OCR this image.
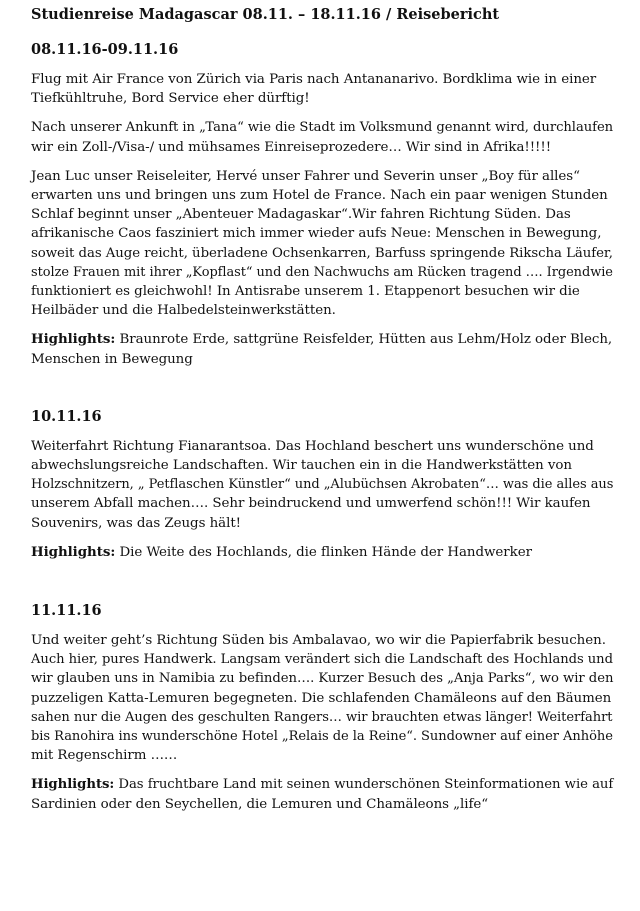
Studienreise Madagascar 08.11. – 18.11.16 / Reisebericht
08.11.16-09.11.16
Flug mit Air France von Zürich via Paris nach Antananarivo. Bordklima wie in einer
Tiefkühltruhe, Bord Service eher dürftig!
Nach unserer Ankunft in „Tana“ wie die Stadt im Volksmund genannt wird, durchlaufen
wir ein Zoll-/Visa-/ und mühsames Einreiseprozedere… Wir sind in Afrika!!!!!
Jean Luc unser Reiseleiter, Hervé unser Fahrer und Severin unser „Boy für alles“
erwarten uns und bringen uns zum Hotel de France. Nach ein paar wenigen Stunden
Schlaf beginnt unser „Abenteuer Madagaskar“.Wir fahren Richtung Süden. Das
afrikanische Caos fasziniert mich immer wieder aufs Neue: Menschen in Bewegung,
soweit das Auge reicht, überladene Ochsenkarren, Barfuss springende Rikscha Läufer,
stolze Frauen mit ihrer „Kopflast“ und den Nachwuchs am Rücken tragend …. Irgendwie
funktioniert es gleichwohl! In Antisrabe unserem 1. Etappenort besuchen wir die
Heilbäder und die Halbedelsteinwerkstätten.
Highlights: Braunrote Erde, sattgrüne Reisfelder, Hütten aus Lehm/Holz oder Blech,
Menschen in Bewegung
10.11.16
Weiterfahrt Richtung Fianarantsoa. Das Hochland beschert uns wunderschöne und
abwechslungsreiche Landschaften. Wir tauchen ein in die Handwerkstätten von
Holzschnitzern, „ Petflaschen Künstler“ und „Alubüchsen Akrobaten“… was die alles aus
unserem Abfall machen…. Sehr beindruckend und umwerfend schön!!! Wir kaufen
Souvenirs, was das Zeugs hält!
Highlights: Die Weite des Hochlands, die flinken Hände der Handwerker
11.11.16
Und weiter geht’s Richtung Süden bis Ambalavao, wo wir die Papierfabrik besuchen.
Auch hier, pures Handwerk. Langsam verändert sich die Landschaft des Hochlands und
wir glauben uns in Namibia zu befinden…. Kurzer Besuch des „Anja Parks“, wo wir den
puzzeligen Katta-Lemuren begegneten. Die schlafenden Chamäleons auf den Bäumen
sahen nur die Augen des geschulten Rangers… wir brauchten etwas länger! Weiterfahrt
bis Ranohira ins wunderschöne Hotel „Relais de la Reine“. Sundowner auf einer Anhöhe
mit Regenschirm ……
Highlights: Das fruchtbare Land mit seinen wunderschönen Steinformationen wie auf
Sardinien oder den Seychellen, die Lemuren und Chamäleons „life“
